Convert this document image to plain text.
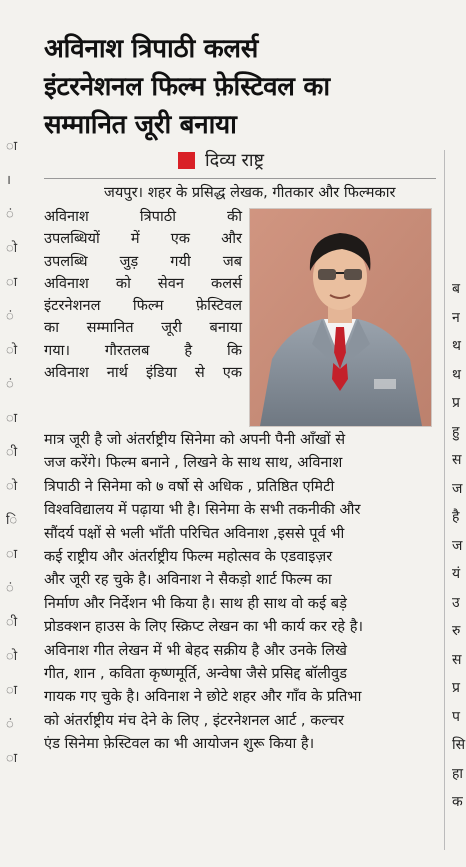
ा
।
ं
ो
ा
ं
ो
ं
ा
ी
ो
ि
ा
ं
ी
ो
ा
ं
ा
ब
न
थ
थ
प्र
हु
स
ज
है
ज
यं
उ
रु
स
प्र
प
सि
हा
क
अविनाश त्रिपाठी कलर्स
इंटरनेशनल फिल्म फ़ेस्टिवल का
सम्मानित जूरी बनाया
दिव्य राष्ट्र
जयपुर। शहर के प्रसिद्ध लेखक, गीतकार और फिल्मकार
अविनाश त्रिपाठी की
उपलब्धियों में एक और
उपलब्धि जुड़ गयी जब
अविनाश को सेवन कलर्स
इंटरनेशनल फिल्म फ़ेस्टिवल
का सम्मानित जूरी बनाया
गया। गौरतलब है कि
अविनाश नार्थ इंडिया से एक
मात्र जूरी है जो अंतर्राष्ट्रीय सिनेमा को अपनी पैनी आँखों से
जज करेंगे। फिल्म बनाने , लिखने के साथ साथ, अविनाश
त्रिपाठी ने सिनेमा को ७ वर्षो से अधिक , प्रतिष्ठित एमिटी
विश्वविद्यालय में पढ़ाया भी है। सिनेमा के सभी तकनीकी और
सौंदर्य पक्षों से भली भाँती परिचित अविनाश ,इससे पूर्व भी
कई राष्ट्रीय और अंतर्राष्ट्रीय फिल्म महोत्सव के एडवाइज़र
और जूरी रह चुके है। अविनाश ने सैकड़ो शार्ट फिल्म का
निर्माण और निर्देशन भी किया है। साथ ही साथ वो कई बड़े
प्रोडक्शन हाउस के लिए स्क्रिप्ट लेखन का भी कार्य कर रहे है।
अविनाश गीत लेखन में भी बेहद सक्रीय है और उनके लिखे
गीत, शान , कविता कृष्णमूर्ति, अन्वेषा जैसे प्रसिद्द बॉलीवुड
गायक गए चुके है। अविनाश ने छोटे शहर और गाँव के प्रतिभा
को अंतर्राष्ट्रीय मंच देने के लिए , इंटरनेशनल आर्ट , कल्चर
एंड सिनेमा फ़ेस्टिवल का भी आयोजन शुरू किया है।
